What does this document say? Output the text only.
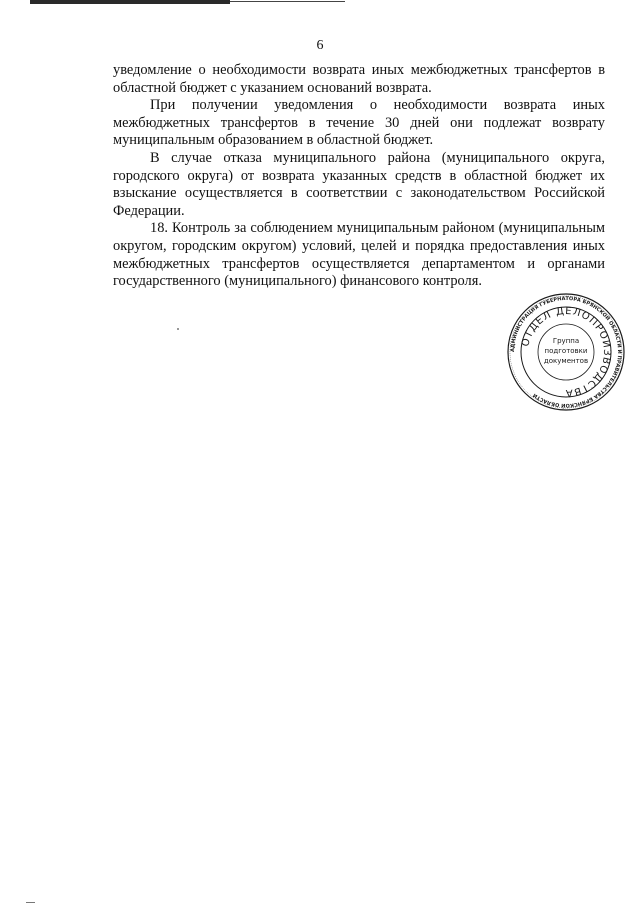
6

уведомление о необходимости возврата иных межбюджетных трансфертов в областной бюджет с указанием оснований возврата.

При получении уведомления о необходимости возврата иных межбюджетных трансфертов в течение 30 дней они подлежат возврату муниципальным образованием в областной бюджет.

В случае отказа муниципального района (муниципального округа, городского округа) от возврата указанных средств в областной бюджет их взыскание осуществляется в соответствии с законодательством Российской Федерации.

18. Контроль за соблюдением муниципальным районом (муниципальным округом, городским округом) условий, целей и порядка предоставления иных межбюджетных трансфертов осуществляется департаментом и органами государственного (муниципального) финансового контроля.

АДМИНИСТРАЦИЯ ГУБЕРНАТОРА БРЯНСКОЙ ОБЛАСТИ И ПРАВИТЕЛЬСТВА БРЯНСКОЙ ОБЛАСТИ
ОТДЕЛ ДЕЛОПРОИЗВОДСТВА
Группа
подготовки
документов
